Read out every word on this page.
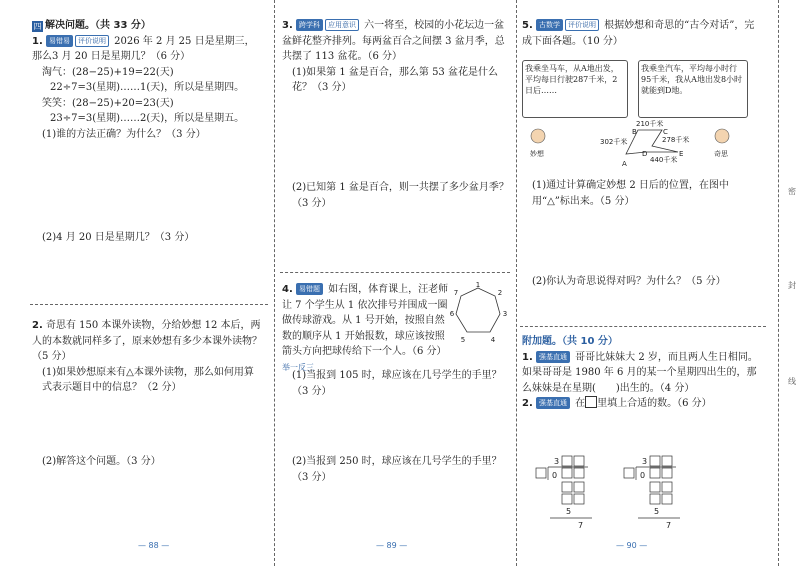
四 解决问题。（共 33 分）
1. 易错易 评价说明 2026 年 2 月 25 日是星期三，那么3 月 20 日是星期几？（6 分）
淘气：(28−25)+19=22(天)
22÷7=3(星期)……1(天)，所以是星期四。
笑笑：(28−25)+20=23(天)
23÷7=3(星期)……2(天)，所以是星期五。
(1)谁的方法正确？为什么？（3 分）
(2)4 月 20 日是星期几？（3 分）
2. 奇思有 150 本课外读物，分给妙想 12 本后，两人的本数就同样多了，原来妙想有多少本课外读物？（5 分）
(1)如果妙想原来有△本课外读物，那么如何用算式表示题目中的信息？（2 分）
(2)解答这个问题。（3 分）
3. 跨学科 应用意识 六一将至，校园的小花坛边一盆盆鲜花整齐排列。每两盆百合之间摆 3 盆月季，总共摆了 113 盆花。（6 分）
(1)如果第 1 盆是百合，那么第 53 盆花是什么花？（3 分）
(2)已知第 1 盆是百合，则一共摆了多少盆月季？（3 分）
4. 易错题 如右图，体育课上，汪老师让 7 个学生从 1 依次排号并围成一圈做传球游戏。从 1 号开始，按照自然数的顺序从 1 开始报数，球应该按照箭头方向把球传给下一个人。（6 分） 举一反三
1
2
3
4
5
6
7
(1)当报到 105 时，球应该在几号学生的手里？（3 分）
(2)当报到 250 时，球应该在几号学生的手里？（3 分）
5. 古数学 评价说明 根据妙想和奇思的“古今对话”，完成下面各题。（10 分）
我乘坐马车，从A地出发，平均每日行驶287千米，2日后……
我乘坐汽车，平均每小时行95千米，我从A地出发8小时就能到D地。
210千米
302千米	278千米
440千米
A
B	C
D	E
妙想	奇思
(1)通过计算确定妙想 2 日后的位置，在图中用“△”标出来。（5 分）
(2)你认为奇思说得对吗？为什么？（5 分）
附加题。（共 10 分）
1. 强基直通 哥哥比妹妹大 2 岁，而且两人生日相同。如果哥哥是 1980 年 6 月的某一个星期四出生的，那么妹妹是在星期(　　)出生的。（4 分）
2. 强基直通 在 里填上合适的数。（6 分）
3
0
5
7
3
0
5
7
— 88 —	— 89 —	— 90 —
密
封
线
